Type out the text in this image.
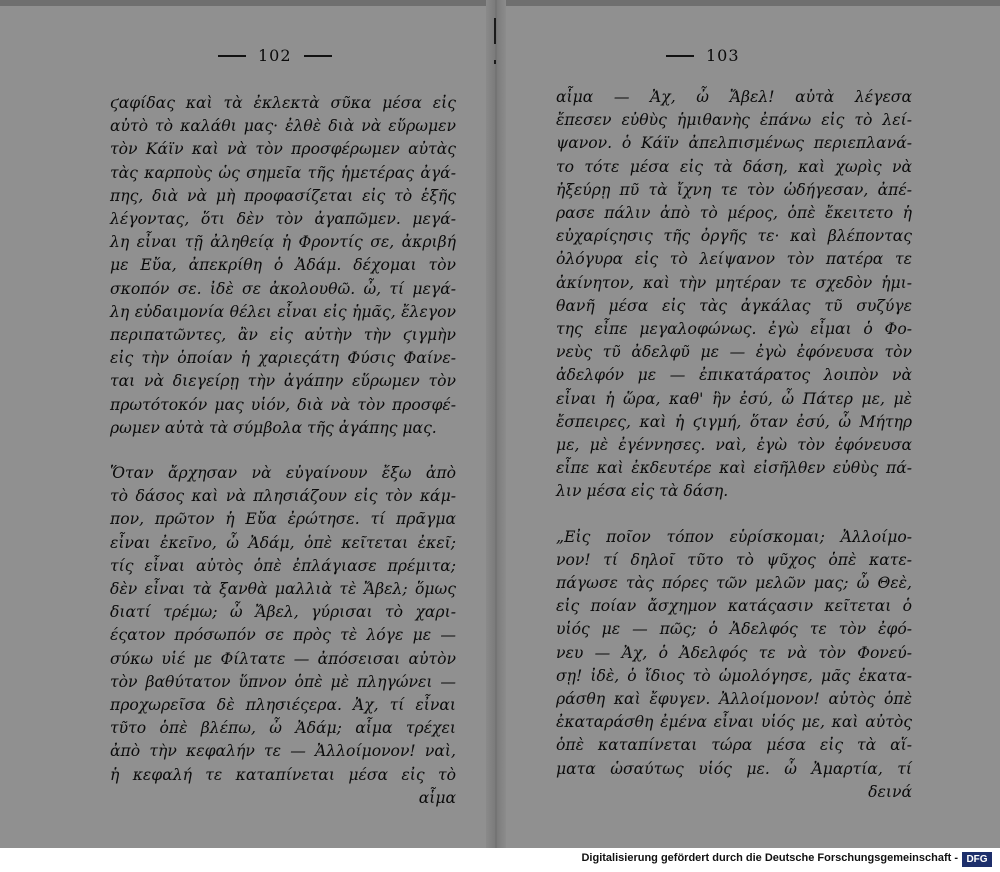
102
ϛαφίδας καὶ τὰ ἐκλεκτὰ σῦκα μέσα εἰς
αὐτὸ τὸ καλάθι μας· ἐλθὲ διὰ νὰ εὕρωμεν
τὸν Κάϊν καὶ νὰ τὸν προσφέρωμεν αὐτὰς
τὰς καρποὺς ὡς σημεῖα τῆς ἡμετέρας ἀγά-
πης, διὰ νὰ μὴ προφασίζεται εἰς τὸ ἑξῆς
λέγοντας, ὅτι δὲν τὸν ἀγαπῶμεν. μεγά-
λη εἶναι τῇ ἀληθείᾳ ἡ Φροντίς σε, ἀκριβή
με Εὔα, ἀπεκρίθη ὁ Ἀδάμ. δέχομαι τὸν
σκοπόν σε. ἰδὲ σε ἀκολουθῶ. ὦ, τί μεγά-
λη εὐδαιμονία θέλει εἶναι εἰς ἡμᾶς, ἔλεγον
περιπατῶντες, ἂν εἰς αὐτὴν τὴν ϛιγμὴν
εἰς τὴν ὁποίαν ἡ χαριεςάτη Φύσις Φαίνε-
ται νὰ διεγείρῃ τὴν ἀγάπην εὕρωμεν τὸν
πρωτότοκόν μας υἱόν, διὰ νὰ τὸν προσφέ-
ρωμεν αὐτὰ τὰ σύμβολα τῆς ἀγάπης μας.
Ὅταν ἄρχησαν νὰ εὐγαίνουν ἔξω ἀπὸ
τὸ δάσος καὶ νὰ πλησιάζουν εἰς τὸν κάμ-
πον, πρῶτον ἡ Εὔα ἐρώτησε. τί πρᾶγμα
εἶναι ἐκεῖνο, ὦ Ἀδάμ, ὁπὲ κεῖτεται ἐκεῖ;
τίς εἶναι αὐτὸς ὁπὲ ἐπλάγιασε πρέμιτα;
δὲν εἶναι τὰ ξανθὰ μαλλιὰ τὲ Ἄβελ; ὅμως
διατί τρέμω; ὦ Ἄβελ, γύρισαι τὸ χαρι-
έςατον πρόσωπόν σε πρὸς τὲ λόγε με —
σύκω υἱέ με Φίλτατε — ἀπόσεισαι αὐτὸν
τὸν βαθύτατον ὕπνον ὁπὲ μὲ πληγώνει —
προχωρεῖσα δὲ πλησιέςερα. Ἀχ, τί εἶναι
τῦτο ὁπὲ βλέπω, ὦ Ἀδάμ; αἷμα τρέχει
ἀπὸ τὴν κεφαλήν τε — Ἀλλοίμονον! ναὶ,
ἡ κεφαλή τε καταπίνεται μέσα εἰς τὸ
αἷμα
103
αἷμα — Ἀχ, ὦ Ἄβελ! αὐτὰ λέγεσα
ἔπεσεν εὐθὺς ἡμιθανὴς ἐπάνω εἰς τὸ λεί-
ψανον. ὁ Κάϊν ἀπελπισμένως περιεπλανά-
το τότε μέσα εἰς τὰ δάση, καὶ χωρὶς νὰ
ἠξεύρῃ πῦ τὰ ἴχνη τε τὸν ὡδήγεσαν, ἀπέ-
ρασε πάλιν ἀπὸ τὸ μέρος, ὁπὲ ἔκειτετο ἡ
εὐχαρίςησις τῆς ὀργῆς τε· καὶ βλέποντας
ὀλόγυρα εἰς τὸ λείψανον τὸν πατέρα τε
ἀκίνητον, καὶ τὴν μητέραν τε σχεδὸν ἡμι-
θανῆ μέσα εἰς τὰς ἀγκάλας τῦ συζύγε
της εἶπε μεγαλοφώνως. ἐγὼ εἶμαι ὁ Φο-
νεὺς τῦ ἀδελφῦ με — ἐγὼ ἐφόνευσα τὸν
ἀδελφόν με — ἐπικατάρατος λοιπὸν νὰ
εἶναι ἡ ὥρα, καθ' ἣν ἐσύ, ὦ Πάτερ με, μὲ
ἔσπειρες, καὶ ἡ ϛιγμή, ὅταν ἐσύ, ὦ Μήτηρ
με, μὲ ἐγέννησες. ναὶ, ἐγὼ τὸν ἐφόνευσα
εἶπε καὶ ἐκδευτέρε καὶ εἰσῆλθεν εὐθὺς πά-
λιν μέσα εἰς τὰ δάση.
„Εἰς ποῖον τόπον εὑρίσκομαι; Ἀλλοίμο-
νον! τί δηλοῖ τῦτο τὸ ψῦχος ὁπὲ κατε-
πάγωσε τὰς πόρες τῶν μελῶν μας; ὦ Θεὲ,
εἰς ποίαν ἄσχημον κατάςασιν κεῖτεται ὁ
υἱός με — πῶς; ὁ Ἀδελφός τε τὸν ἐφό-
νευ — Ἀχ, ὁ Ἀδελφός τε νὰ τὸν Φονεύ-
σῃ! ἰδὲ, ὁ ἴδιος τὸ ὡμολόγησε, μᾶς ἐκατα-
ράσθη καὶ ἔφυγεν. Ἀλλοίμονον! αὐτὸς ὁπὲ
ἐκαταράσθη ἐμένα εἶναι υἱός με, καὶ αὐτὸς
ὁπὲ καταπίνεται τώρα μέσα εἰς τὰ αἵ-
ματα ὡσαύτως υἱός με. ὦ Ἀμαρτία, τί
δεινά
Digitalisierung gefördert durch die Deutsche Forschungsgemeinschaft - DFG
